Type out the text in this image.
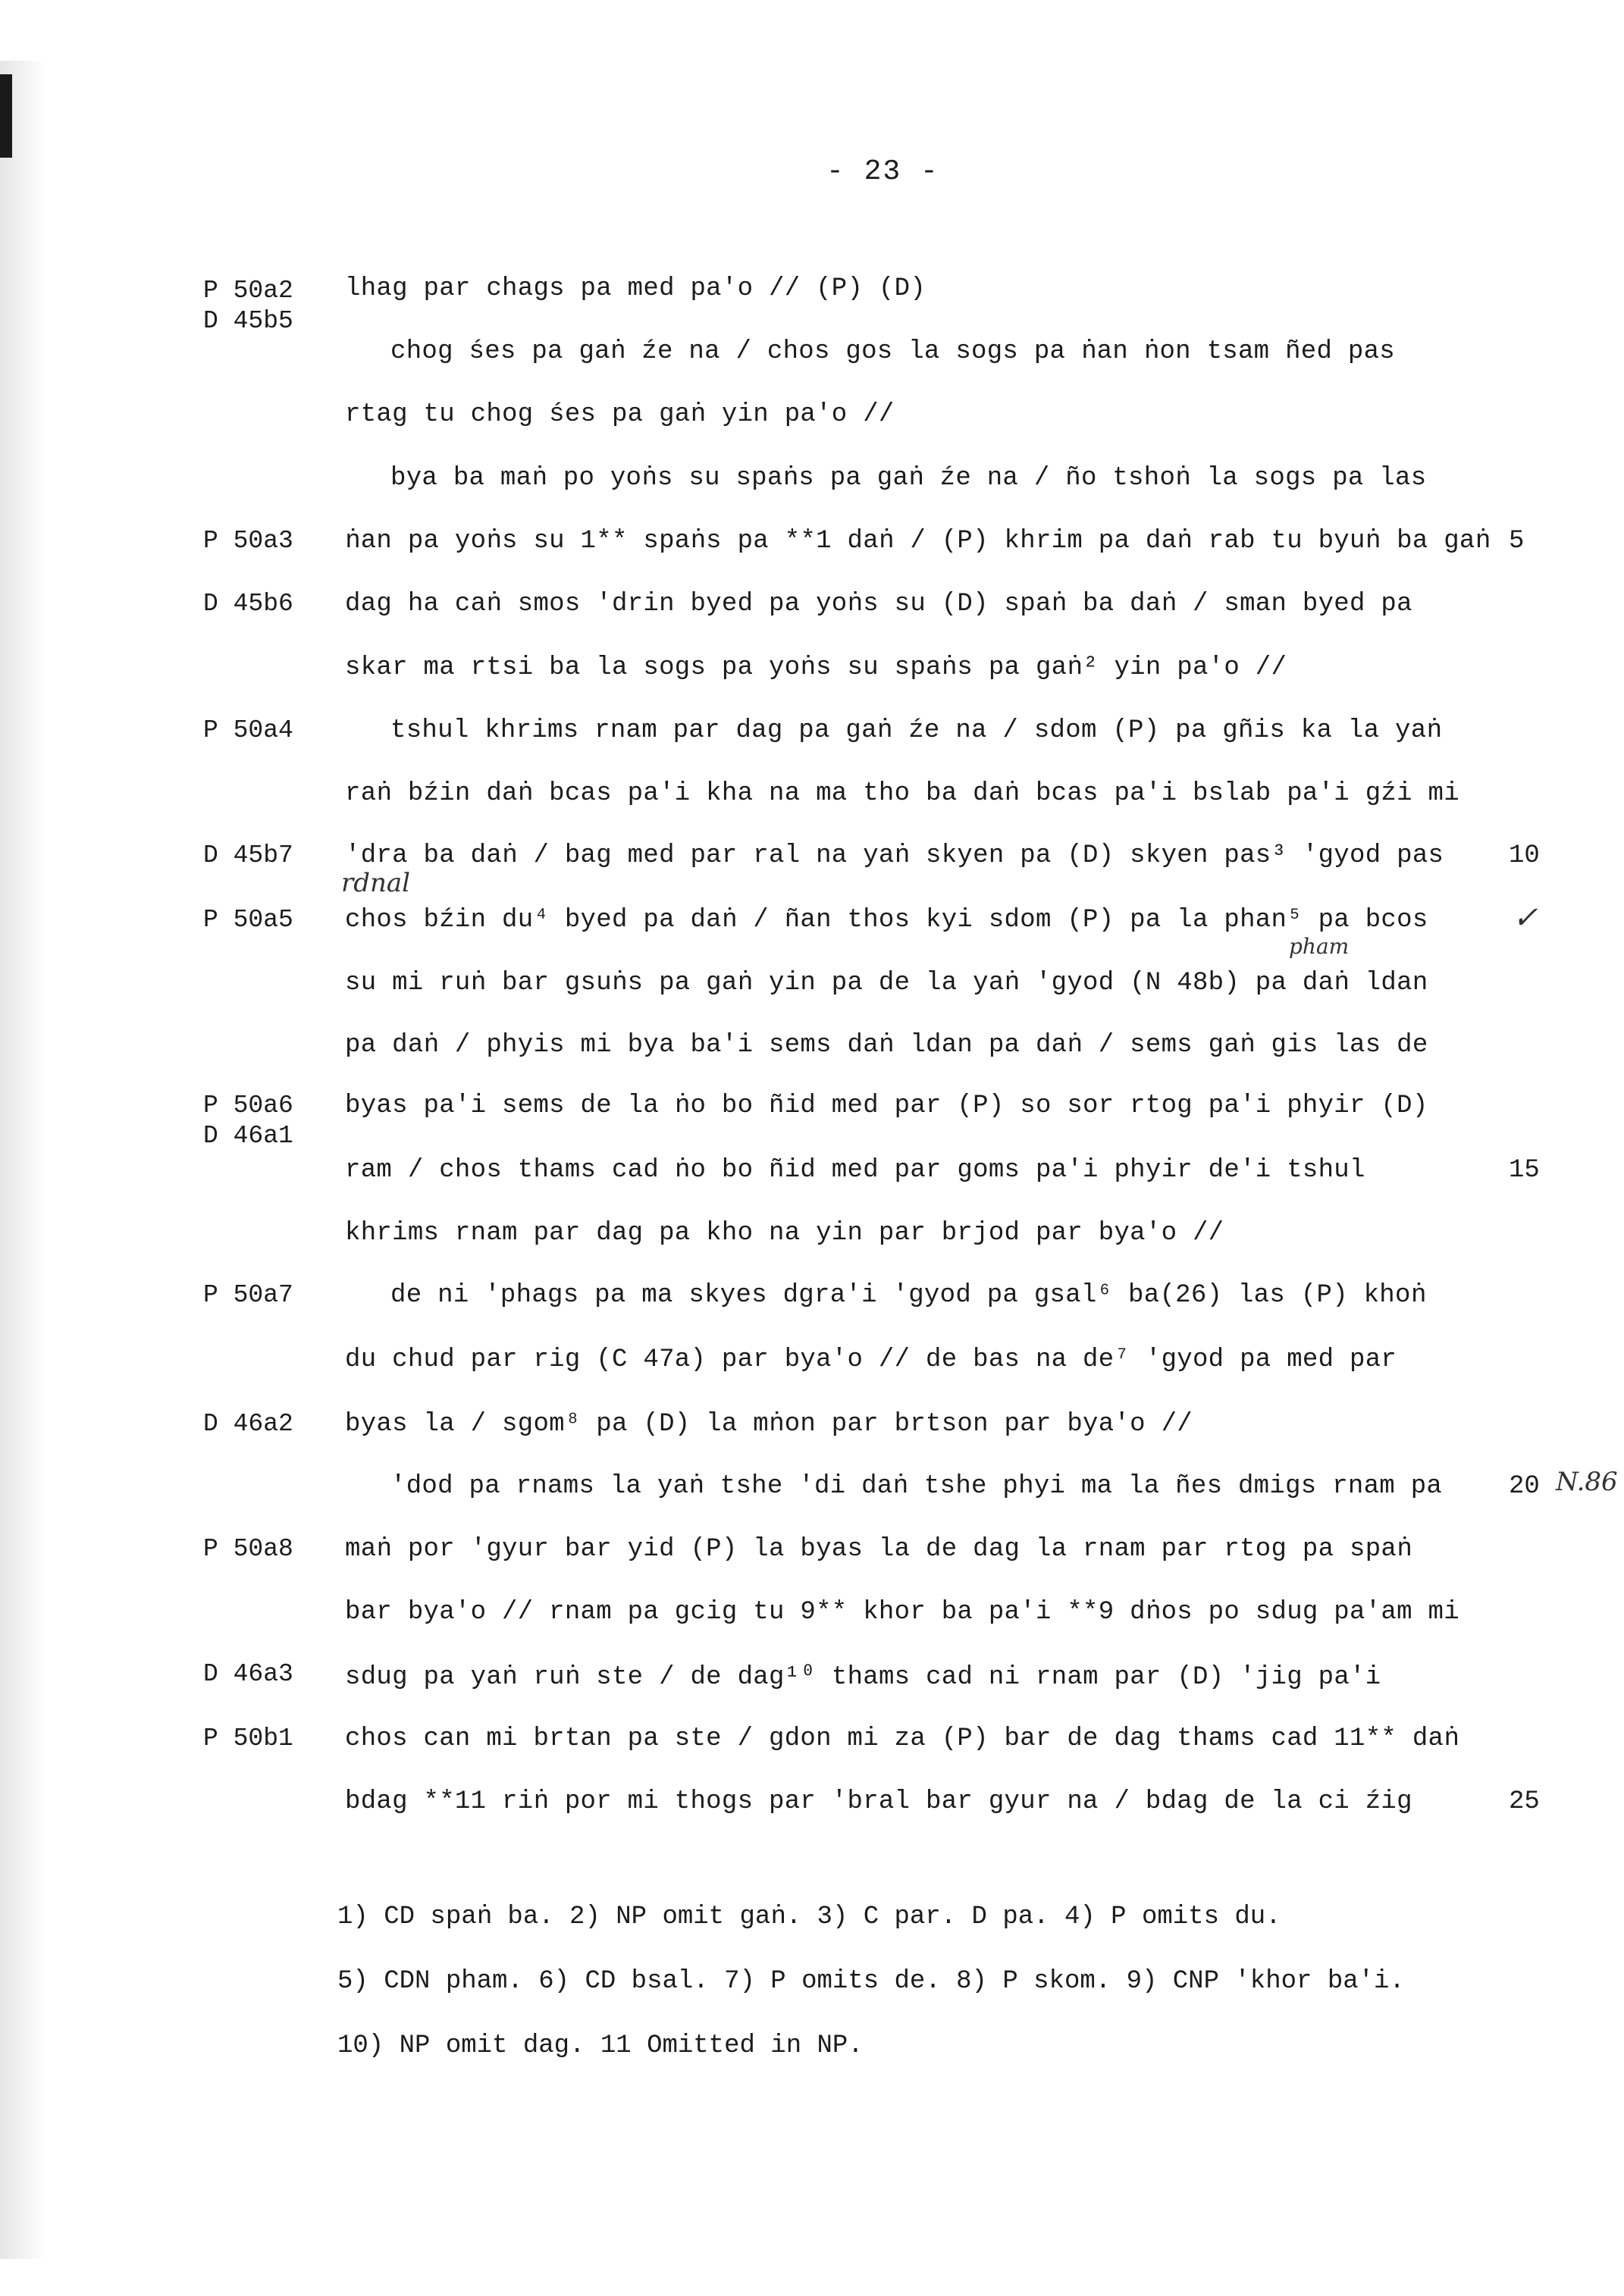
- 23 -
P 50a2
D 45b5
P 50a3
D 45b6
P 50a4
D 45b7
P 50a5
P 50a6
D 46a1
P 50a7
D 46a2
P 50a8
D 46a3
P 50b1
lhag par chags pa med pa'o // (P) (D)
chog śes pa gaṅ źe na / chos gos la sogs pa ṅan ṅon tsam ñed pas
rtag tu chog śes pa gaṅ yin pa'o //
bya ba maṅ po yoṅs su spaṅs pa gaṅ źe na / ño tshoṅ la sogs pa las
ṅan pa yoṅs su 1** spaṅs pa **1 daṅ / (P) khrim pa daṅ rab tu byuṅ ba gaṅ
dag ha caṅ smos 'drin byed pa yoṅs su (D) spaṅ ba daṅ / sman byed pa
skar ma rtsi ba la sogs pa yoṅs su spaṅs pa gaṅ² yin pa'o //
tshul khrims rnam par dag pa gaṅ źe na / sdom (P) pa gñis ka la yaṅ
raṅ bźin daṅ bcas pa'i kha na ma tho ba daṅ bcas pa'i bslab pa'i gźi mi
'dra ba daṅ / bag med par ral na yaṅ skyen pa (D) skyen pas³ 'gyod pas
chos bźin du⁴ byed pa daṅ / ñan thos kyi sdom (P) pa la phan⁵ pa bcos
su mi ruṅ bar gsuṅs pa gaṅ yin pa de la yaṅ 'gyod (N 48b) pa daṅ ldan
pa daṅ / phyis mi bya ba'i sems daṅ ldan pa daṅ / sems gaṅ gis las de
byas pa'i sems de la ṅo bo ñid med par (P) so sor rtog pa'i phyir (D)
ram / chos thams cad ṅo bo ñid med par goms pa'i phyir de'i tshul
khrims rnam par dag pa kho na yin par brjod par bya'o //
de ni 'phags pa ma skyes dgra'i 'gyod pa gsal⁶ ba(26) las (P) khoṅ
du chud par rig (C 47a) par bya'o // de bas na de⁷ 'gyod pa med par
byas la / sgom⁸ pa (D) la mṅon par brtson par bya'o //
'dod pa rnams la yaṅ tshe 'di daṅ tshe phyi ma la ñes dmigs rnam pa
maṅ por 'gyur bar yid (P) la byas la de dag la rnam par rtog pa spaṅ
bar bya'o // rnam pa gcig tu 9** khor ba pa'i **9 dṅos po sdug pa'am mi
sdug pa yaṅ ruṅ ste / de dag¹⁰ thams cad ni rnam par (D) 'jig pa'i
chos can mi brtan pa ste / gdon mi za (P) bar de dag thams cad 11** daṅ
bdag **11 riṅ por mi thogs par 'bral bar gyur na / bdag de la ci źig
5
10
15
20
25
1) CD spaṅ ba. 2) NP omit gaṅ. 3) C par. D pa. 4) P omits du.
5) CDN pham. 6) CD bsal. 7) P omits de. 8) P skom. 9) CNP 'khor ba'i.
10) NP omit dag. 11 Omitted in NP.
rdnal
pham
N.86
✓
